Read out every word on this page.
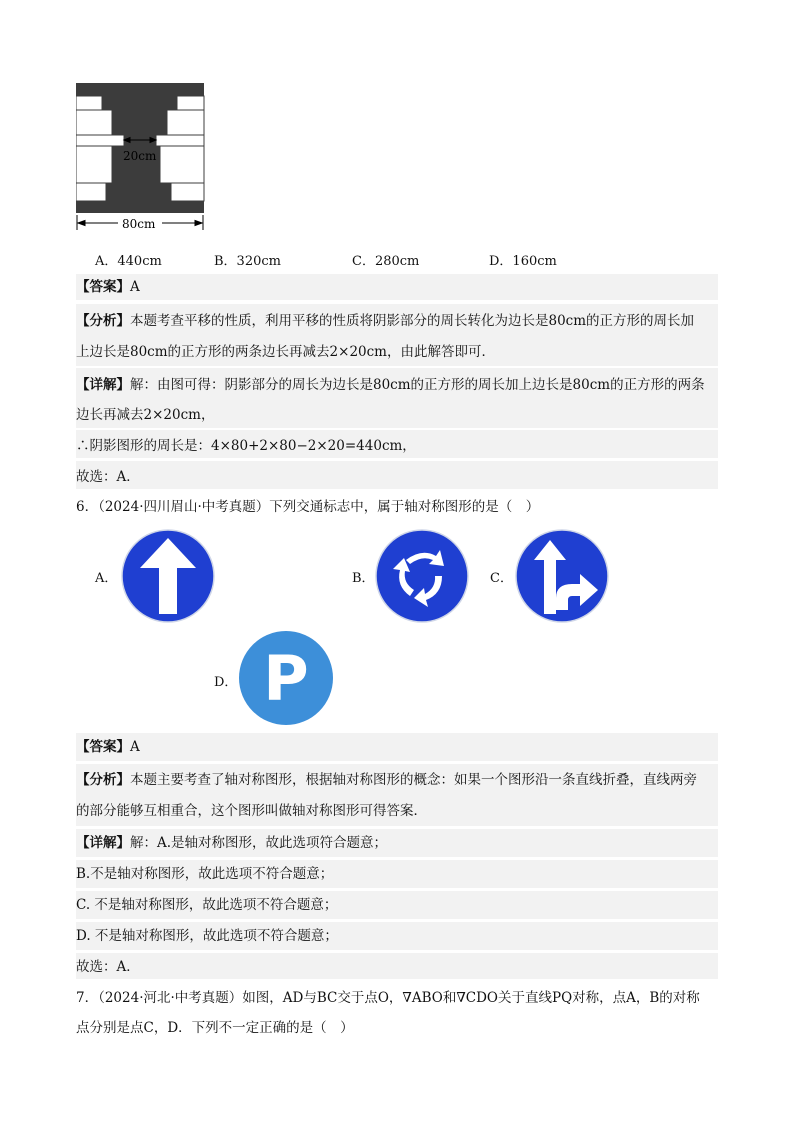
20cm
80cm
A．440cm	B．320cm	C．280cm	D．160cm
【答案】A
【分析】本题考查平移的性质，利用平移的性质将阴影部分的周长转化为边长是80cm的正方形的周长加
上边长是80cm的正方形的两条边长再减去2×20cm，由此解答即可．
【详解】解：由图可得：阴影部分的周长为边长是80cm的正方形的周长加上边长是80cm的正方形的两条
边长再减去2×20cm，
∴阴影图形的周长是：4×80+2×80−2×20=440cm，
故选：A．
6．（2024·四川眉山·中考真题）下列交通标志中，属于轴对称图形的是（　）
A．	B．	C．
D． P
【答案】A
【分析】本题主要考查了轴对称图形，根据轴对称图形的概念：如果一个图形沿一条直线折叠，直线两旁
的部分能够互相重合，这个图形叫做轴对称图形可得答案．
【详解】解：A.是轴对称图形，故此选项符合题意；
B.不是轴对称图形，故此选项不符合题意；
C. 不是轴对称图形，故此选项不符合题意；
D. 不是轴对称图形，故此选项不符合题意；
故选：A．
7．（2024·河北·中考真题）如图，AD与BC交于点O，∇ABO和∇CDO关于直线PQ对称，点A，B的对称
点分别是点C，D．下列不一定正确的是（　）
